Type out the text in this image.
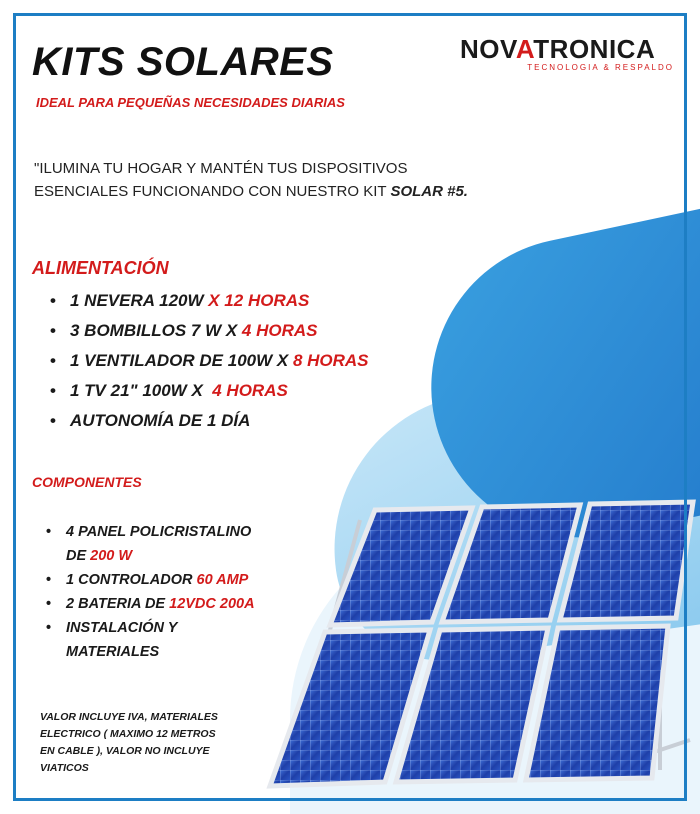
KITS SOLARES
IDEAL PARA PEQUEÑAS NECESIDADES DIARIAS
NOVATRONICA
TECNOLOGIA & RESPALDO
"ILUMINA TU HOGAR Y MANTÉN TUS DISPOSITIVOS
ESENCIALES FUNCIONANDO CON NUESTRO KIT SOLAR #5.
ALIMENTACIÓN
• 1 NEVERA 120W X 12 HORAS
• 3 BOMBILLOS 7 W X 4 HORAS
• 1 VENTILADOR DE 100W X 8 HORAS
• 1 TV 21" 100W X  4 HORAS
• AUTONOMÍA DE 1 DÍA
COMPONENTES
• 4 PANEL POLICRISTALINO
DE 200 W
• 1 CONTROLADOR 60 AMP
• 2 BATERIA DE 12VDC 200A
• INSTALACIÓN Y
MATERIALES
VALOR INCLUYE IVA, MATERIALES
ELECTRICO ( MAXIMO 12 METROS
EN CABLE ), VALOR NO INCLUYE
VIATICOS
